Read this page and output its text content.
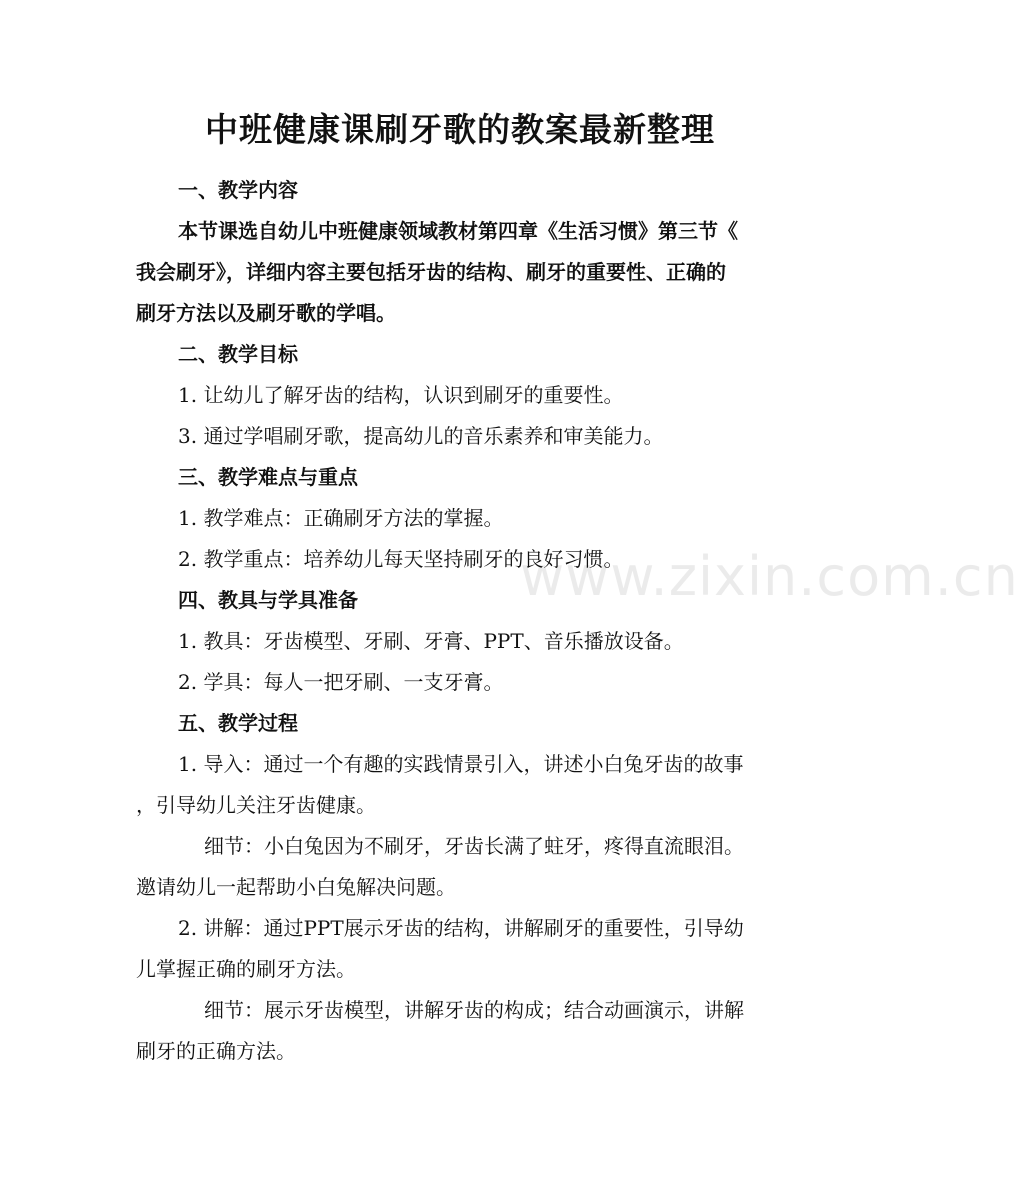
中班健康课刷牙歌的教案最新整理
www.zixin.com.cn

一、教学内容

本节课选自幼儿中班健康领域教材第四章《生活习惯》第三节《

我会刷牙》，详细内容主要包括牙齿的结构、刷牙的重要性、正确的

刷牙方法以及刷牙歌的学唱。

二、教学目标

1. 让幼儿了解牙齿的结构，认识到刷牙的重要性。

3. 通过学唱刷牙歌，提高幼儿的音乐素养和审美能力。

三、教学难点与重点

1. 教学难点：正确刷牙方法的掌握。

2. 教学重点：培养幼儿每天坚持刷牙的良好习惯。

四、教具与学具准备

1. 教具：牙齿模型、牙刷、牙膏、PPT、音乐播放设备。

2. 学具：每人一把牙刷、一支牙膏。

五、教学过程

1. 导入：通过一个有趣的实践情景引入，讲述小白兔牙齿的故事

，引导幼儿关注牙齿健康。

细节：小白兔因为不刷牙，牙齿长满了蛀牙，疼得直流眼泪。

邀请幼儿一起帮助小白兔解决问题。

2. 讲解：通过PPT展示牙齿的结构，讲解刷牙的重要性，引导幼

儿掌握正确的刷牙方法。

细节：展示牙齿模型，讲解牙齿的构成；结合动画演示，讲解

刷牙的正确方法。
